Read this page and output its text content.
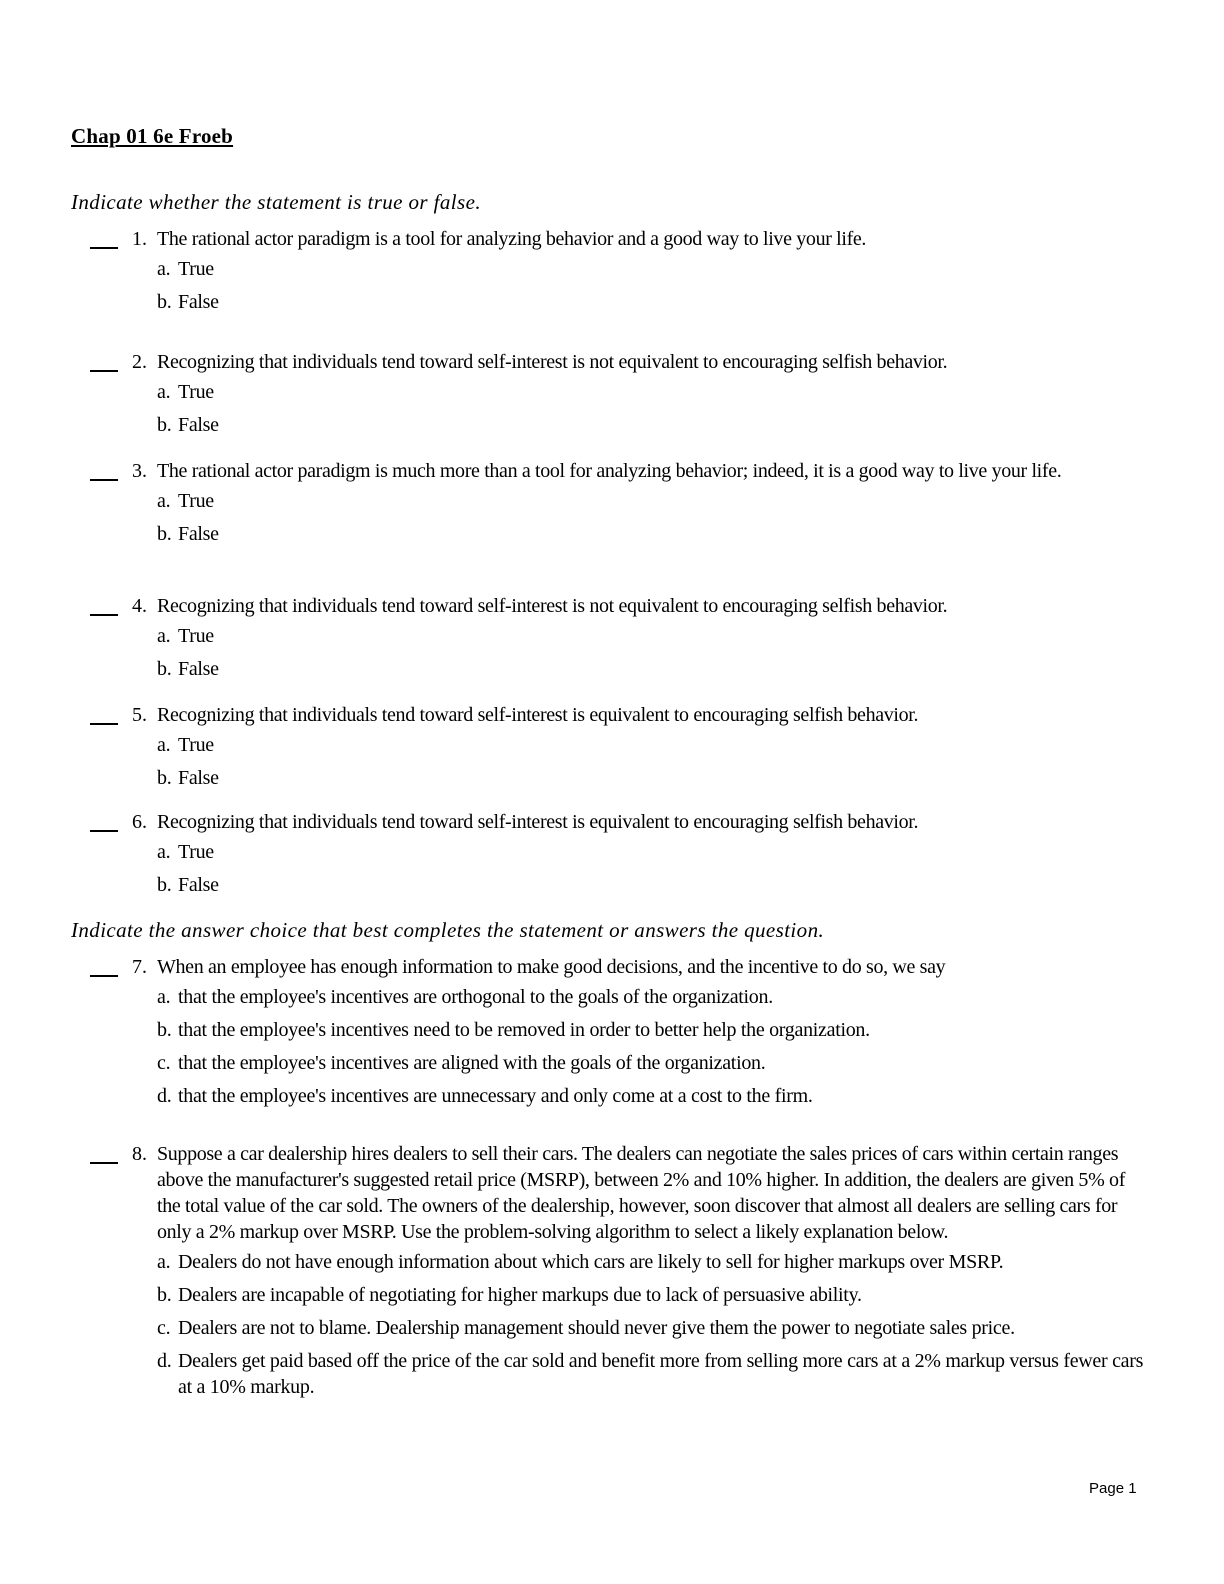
Chap 01 6e Froeb
Indicate whether the statement is true or false.
1. The rational actor paradigm is a tool for analyzing behavior and a good way to live your life.
a. True
b. False
2. Recognizing that individuals tend toward self-interest is not equivalent to encouraging selfish behavior.
a. True
b. False
3. The rational actor paradigm is much more than a tool for analyzing behavior; indeed, it is a good way to live your life.
a. True
b. False
4. Recognizing that individuals tend toward self-interest is not equivalent to encouraging selfish behavior.
a. True
b. False
5. Recognizing that individuals tend toward self-interest is equivalent to encouraging selfish behavior.
a. True
b. False
6. Recognizing that individuals tend toward self-interest is equivalent to encouraging selfish behavior.
a. True
b. False
Indicate the answer choice that best completes the statement or answers the question.
7. When an employee has enough information to make good decisions, and the incentive to do so, we say
a. that the employee's incentives are orthogonal to the goals of the organization.
b. that the employee's incentives need to be removed in order to better help the organization.
c. that the employee's incentives are aligned with the goals of the organization.
d. that the employee's incentives are unnecessary and only come at a cost to the firm.
8. Suppose a car dealership hires dealers to sell their cars. The dealers can negotiate the sales prices of cars within certain ranges above the manufacturer's suggested retail price (MSRP), between 2% and 10% higher. In addition, the dealers are given 5% of the total value of the car sold. The owners of the dealership, however, soon discover that almost all dealers are selling cars for only a 2% markup over MSRP. Use the problem-solving algorithm to select a likely explanation below.
a. Dealers do not have enough information about which cars are likely to sell for higher markups over MSRP.
b. Dealers are incapable of negotiating for higher markups due to lack of persuasive ability.
c. Dealers are not to blame. Dealership management should never give them the power to negotiate sales price.
d. Dealers get paid based off the price of the car sold and benefit more from selling more cars at a 2% markup versus fewer cars at a 10% markup.
Page 1
